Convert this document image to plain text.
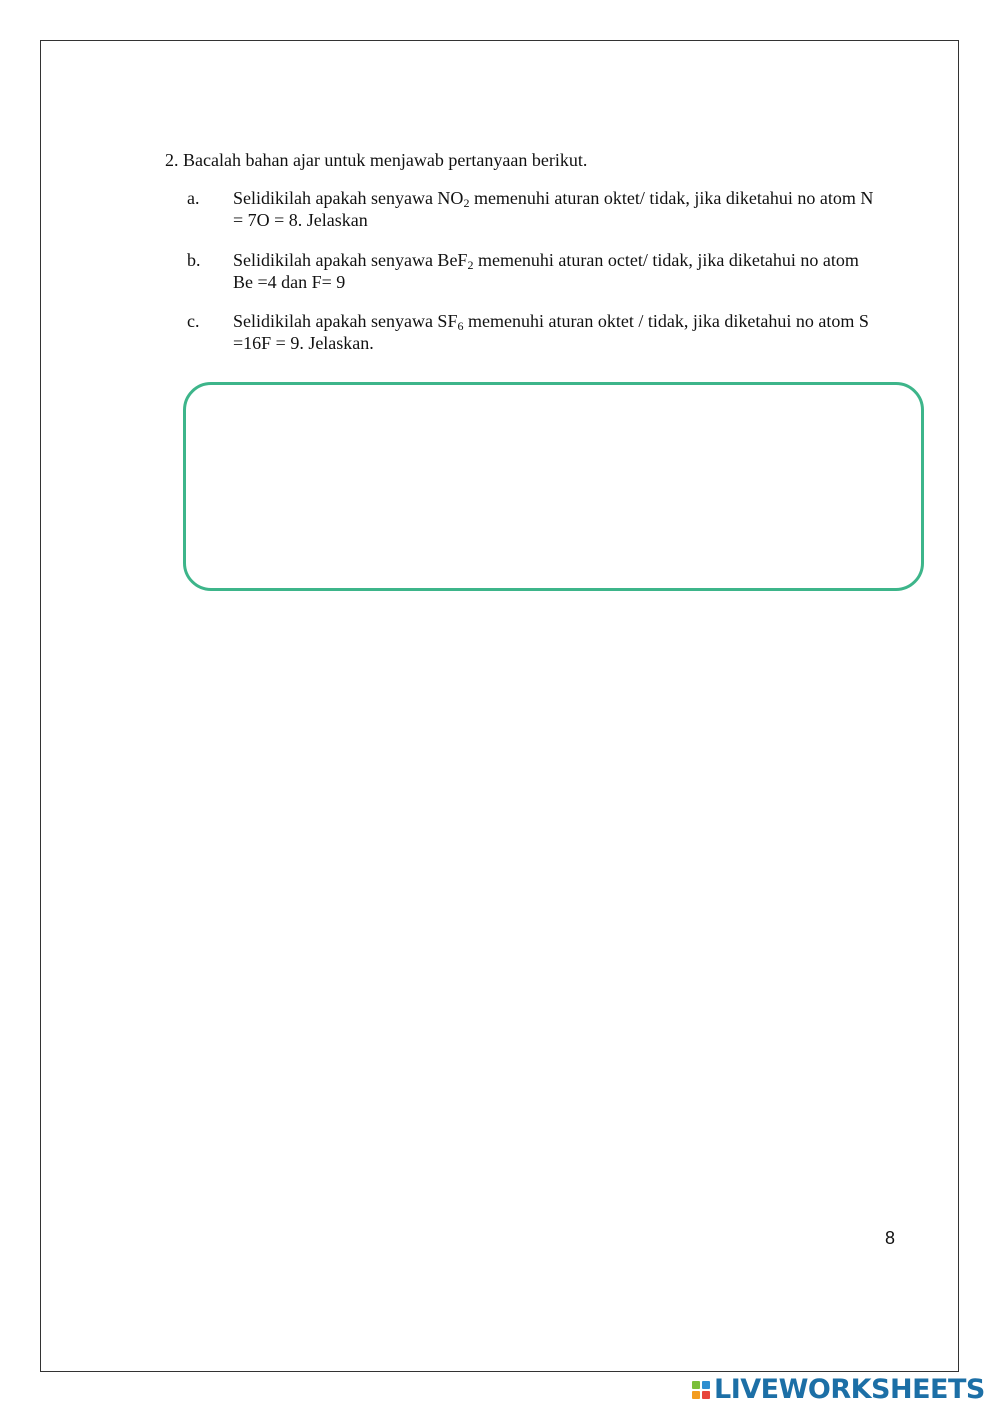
2. Bacalah bahan ajar untuk menjawab pertanyaan berikut.
a. Selidikilah apakah senyawa $NO_2$ memenuhi aturan oktet/ tidak, jika diketahui no atom N
= 7O = 8. Jelaskan
b. Selidikilah apakah senyawa BeF$_2$ memenuhi aturan octet/ tidak, jika diketahui no atom
Be =4 dan F= 9
c. Selidikilah apakah senyawa $SF_6$ memenuhi aturan oktet / tidak, jika diketahui no atom S
=16F = 9. Jelaskan.
8
LIVEWORKSHEETS
